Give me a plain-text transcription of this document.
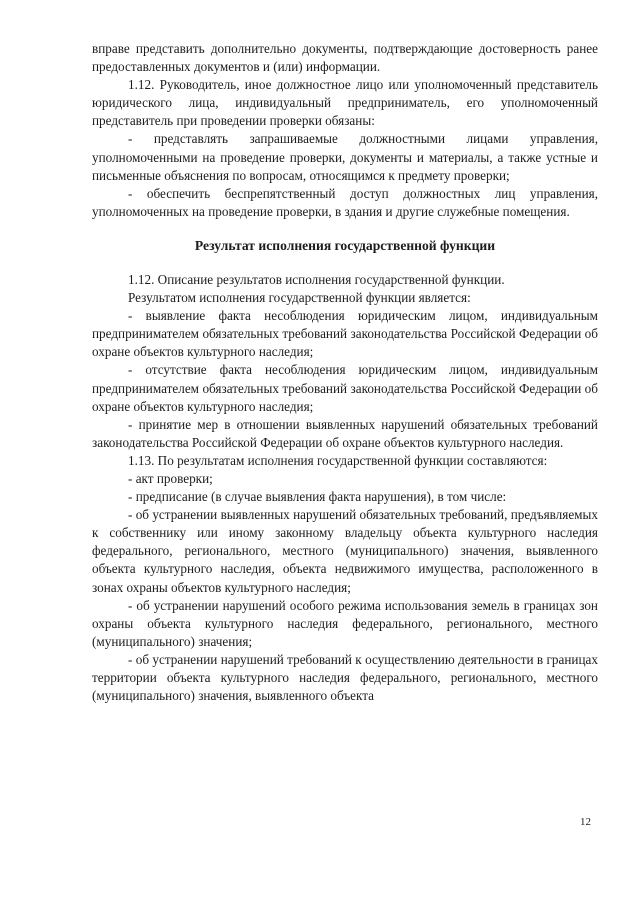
вправе представить дополнительно документы, подтверждающие достоверность ранее предоставленных документов и (или) информации.

1.12. Руководитель, иное должностное лицо или уполномоченный представитель юридического лица, индивидуальный предприниматель, его уполномоченный представитель при проведении проверки обязаны:

- представлять запрашиваемые должностными лицами управления, уполномоченными на проведение проверки, документы и материалы, а также устные и письменные объяснения по вопросам, относящимся к предмету проверки;

- обеспечить беспрепятственный доступ должностных лиц управления, уполномоченных на проведение проверки, в здания и другие служебные помещения.

Результат исполнения государственной функции

1.12. Описание результатов исполнения государственной функции.

Результатом исполнения государственной функции является:

- выявление факта несоблюдения юридическим лицом, индивидуальным предпринимателем обязательных требований законодательства Российской Федерации об охране объектов культурного наследия;

- отсутствие факта несоблюдения юридическим лицом, индивидуальным предпринимателем обязательных требований законодательства Российской Федерации об охране объектов культурного наследия;

- принятие мер в отношении выявленных нарушений обязательных требований законодательства Российской Федерации об охране объектов культурного наследия.

1.13. По результатам исполнения государственной функции составляются:

- акт проверки;

- предписание (в случае выявления факта нарушения), в том числе:

- об устранении выявленных нарушений обязательных требований, предъявляемых к собственнику или иному законному владельцу объекта культурного наследия федерального, регионального, местного (муниципального) значения, выявленного объекта культурного наследия, объекта недвижимого имущества, расположенного в зонах охраны объектов культурного наследия;

- об устранении нарушений особого режима использования земель в границах зон охраны объекта культурного наследия федерального, регионального, местного (муниципального) значения;

- об устранении нарушений требований к осуществлению деятельности в границах территории объекта культурного наследия федерального, регионального, местного (муниципального) значения, выявленного объекта

12
